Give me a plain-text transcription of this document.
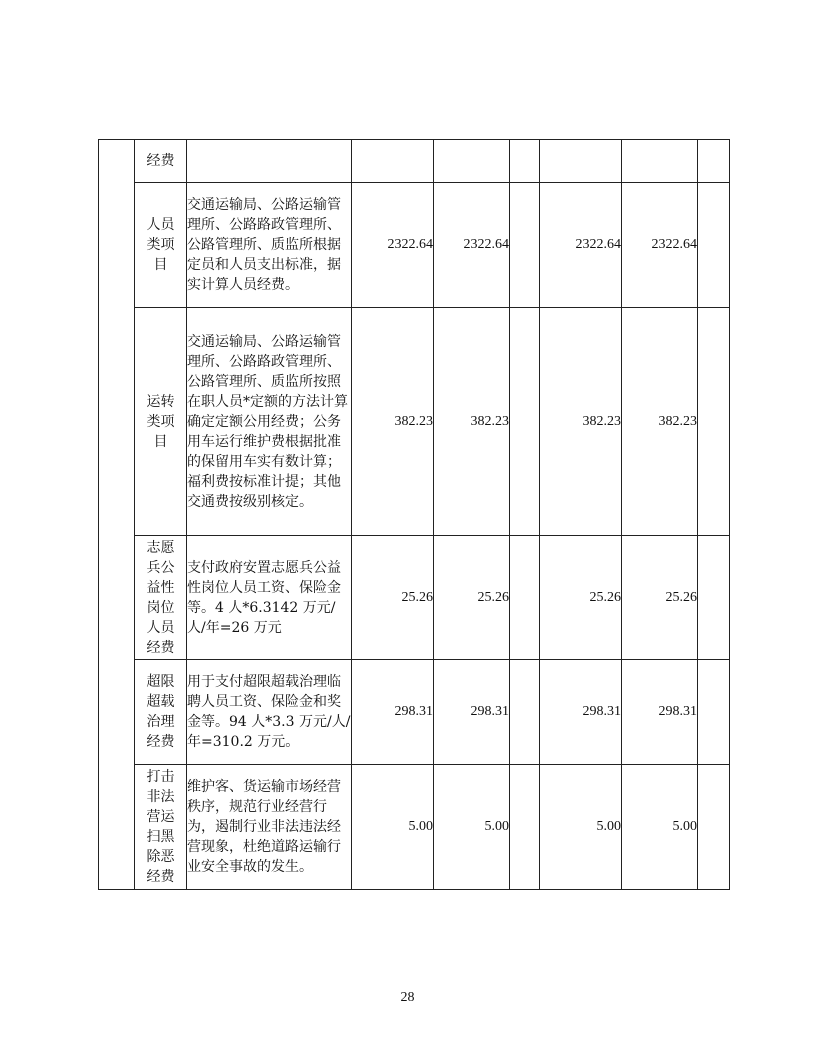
	经费							
	人员类项目	交通运输局、公路运输管理所、公路路政管理所、公路管理所、质监所根据定员和人员支出标准，据实计算人员经费。	2322.64	2322.64		2322.64	2322.64	
	运转类项目	交通运输局、公路运输管理所、公路路政管理所、公路管理所、质监所按照在职人员*定额的方法计算确定定额公用经费；公务用车运行维护费根据批准的保留用车实有数计算；福利费按标准计提；其他交通费按级别核定。	382.23	382.23		382.23	382.23	
	志愿兵公益性岗位人员经费	支付政府安置志愿兵公益性岗位人员工资、保险金等。4 人*6.3142 万元/人/年=26 万元	25.26	25.26		25.26	25.26	
	超限超载治理经费	用于支付超限超载治理临聘人员工资、保险金和奖金等。94 人*3.3 万元/人/年=310.2 万元。	298.31	298.31		298.31	298.31	
	打击非法营运扫黑除恶经费	维护客、货运输市场经营秩序，规范行业经营行为，遏制行业非法违法经营现象，杜绝道路运输行业安全事故的发生。	5.00	5.00		5.00	5.00	
28
